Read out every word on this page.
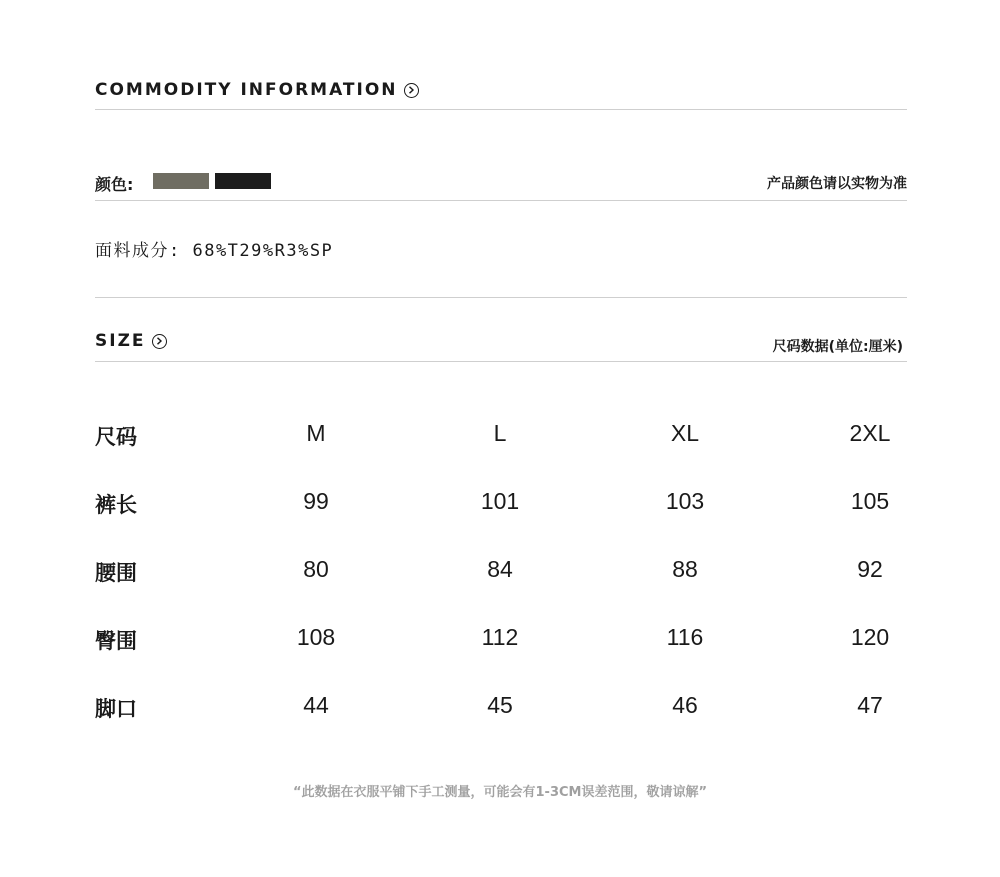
COMMODITY INFORMATION
颜色:	产品颜色请以实物为准
面料成分: 68%T29%R3%SP
SIZE	尺码数据(单位:厘米)
尺码	M	L	XL	2XL
裤长	99	101	103	105
腰围	80	84	88	92
臀围	108	112	116	120
脚口	44	45	46	47
“此数据在衣服平铺下手工测量，可能会有1-3CM误差范围，敬请谅解”
